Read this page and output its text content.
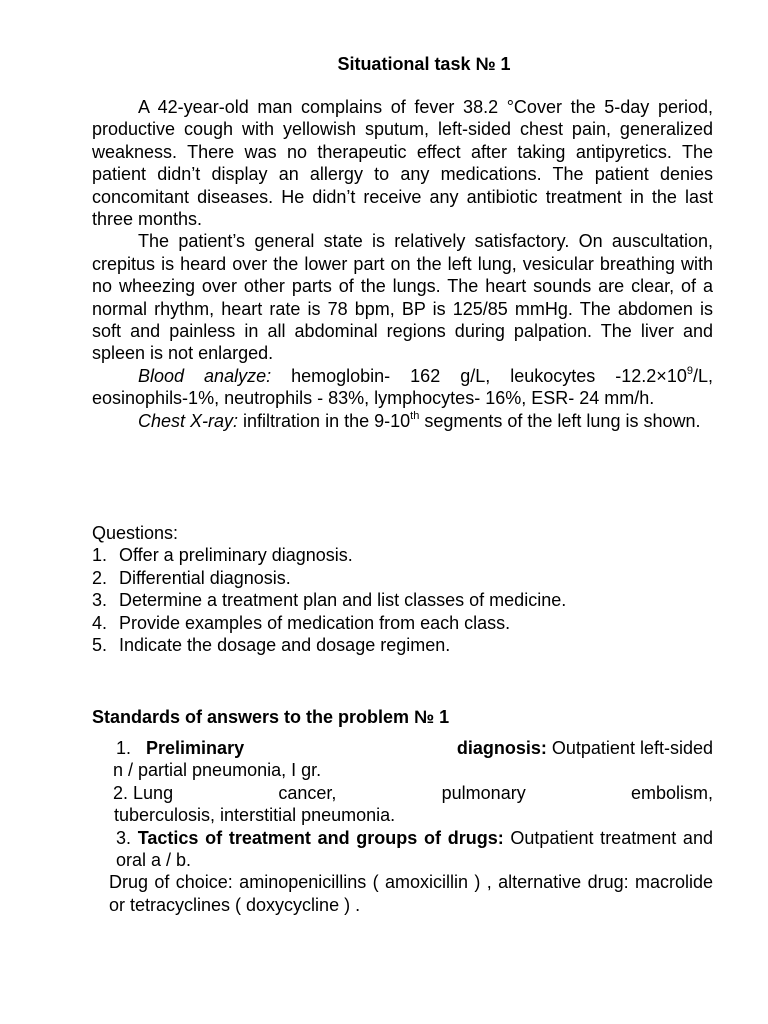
Situational task № 1

A 42-year-old man complains of fever 38.2 °Cover the 5-day period, productive cough with yellowish sputum, left-sided chest pain, generalized weakness. There was no therapeutic effect after taking antipyretics. The patient didn’t display an allergy to any medications. The patient denies concomitant diseases. He didn’t receive any antibiotic treatment in the last three months.

The patient’s general state is relatively satisfactory. On auscultation, crepitus is heard over the lower part on the left lung, vesicular breathing with no wheezing over other parts of the lungs. The heart sounds are clear, of a normal rhythm, heart rate is 78 bpm, BP is 125/85 mmHg. The abdomen is soft and painless in all abdominal regions during palpation. The liver and spleen is not enlarged.

Blood analyze: hemoglobin- 162 g/L, leukocytes $-12.2\times 10^9/L$, eosinophils-1%, neutrophils - 83%, lymphocytes- 16%, ESR- 24 mm/h.

Chest X-ray: infiltration in the 9-10th segments of the left lung is shown.

Questions:

1. Offer a preliminary diagnosis.
2. Differential diagnosis.
3. Determine a treatment plan and list classes of medicine.
4. Provide examples of medication from each class.
5. Indicate the dosage and dosage regimen.
Standards of answers to the problem № 1
1. Preliminary	diagnosis: Outpatient left-sided

n / partial pneumonia, I gr.

2. Lung	cancer,	pulmonary	embolism,

tuberculosis, interstitial pneumonia.

3. Tactics of treatment and groups of drugs: Outpatient treatment and oral a / b.

Drug of choice: aminopenicillins ( amoxicillin ) , alternative drug: macrolide or tetracyclines ( doxycycline ) .
